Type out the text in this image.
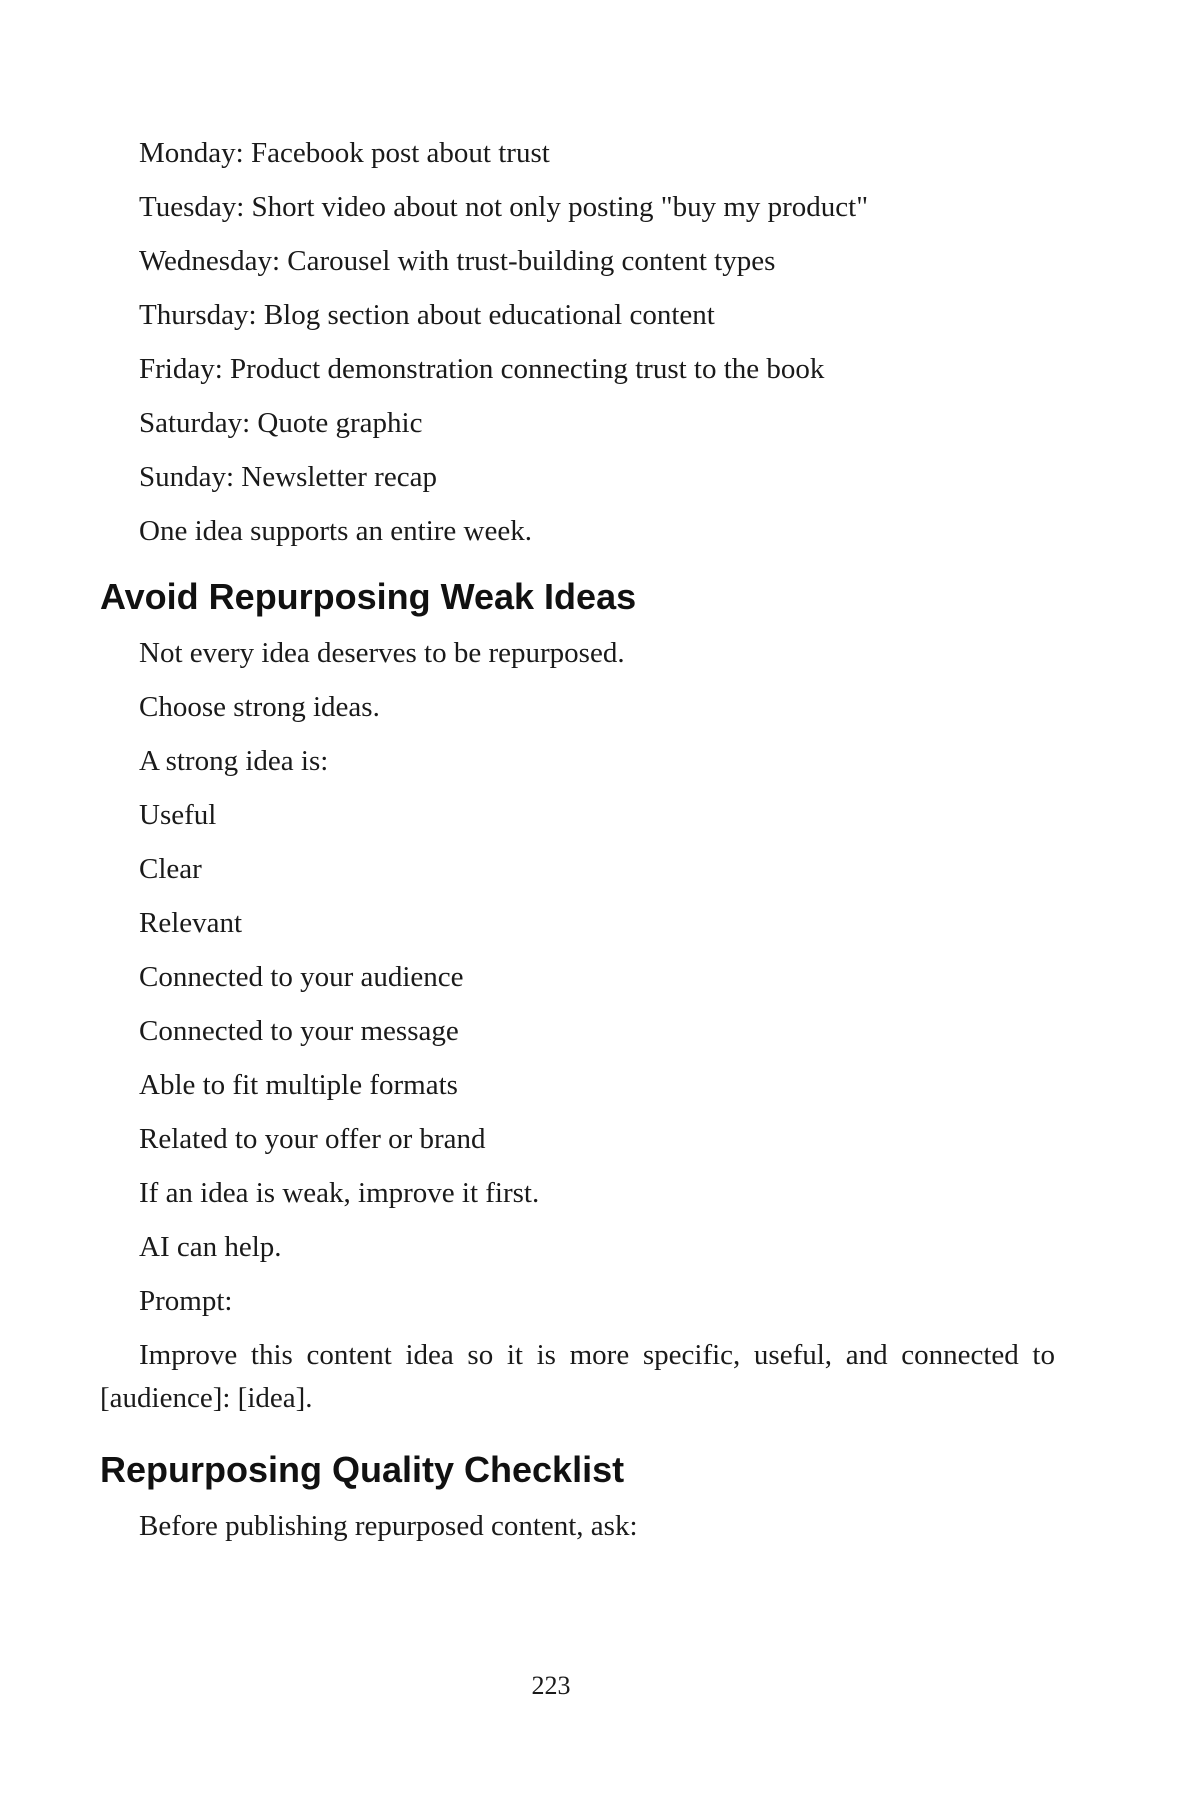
Monday: Facebook post about trust

Tuesday: Short video about not only posting "buy my product"

Wednesday: Carousel with trust-building content types

Thursday: Blog section about educational content

Friday: Product demonstration connecting trust to the book

Saturday: Quote graphic

Sunday: Newsletter recap

One idea supports an entire week.

Avoid Repurposing Weak Ideas

Not every idea deserves to be repurposed.

Choose strong ideas.

A strong idea is:

Useful

Clear

Relevant

Connected to your audience

Connected to your message

Able to fit multiple formats

Related to your offer or brand

If an idea is weak, improve it first.

AI can help.

Prompt:

Improve this content idea so it is more specific, useful, and connected to [audience]: [idea].

Repurposing Quality Checklist

Before publishing repurposed content, ask:

223
